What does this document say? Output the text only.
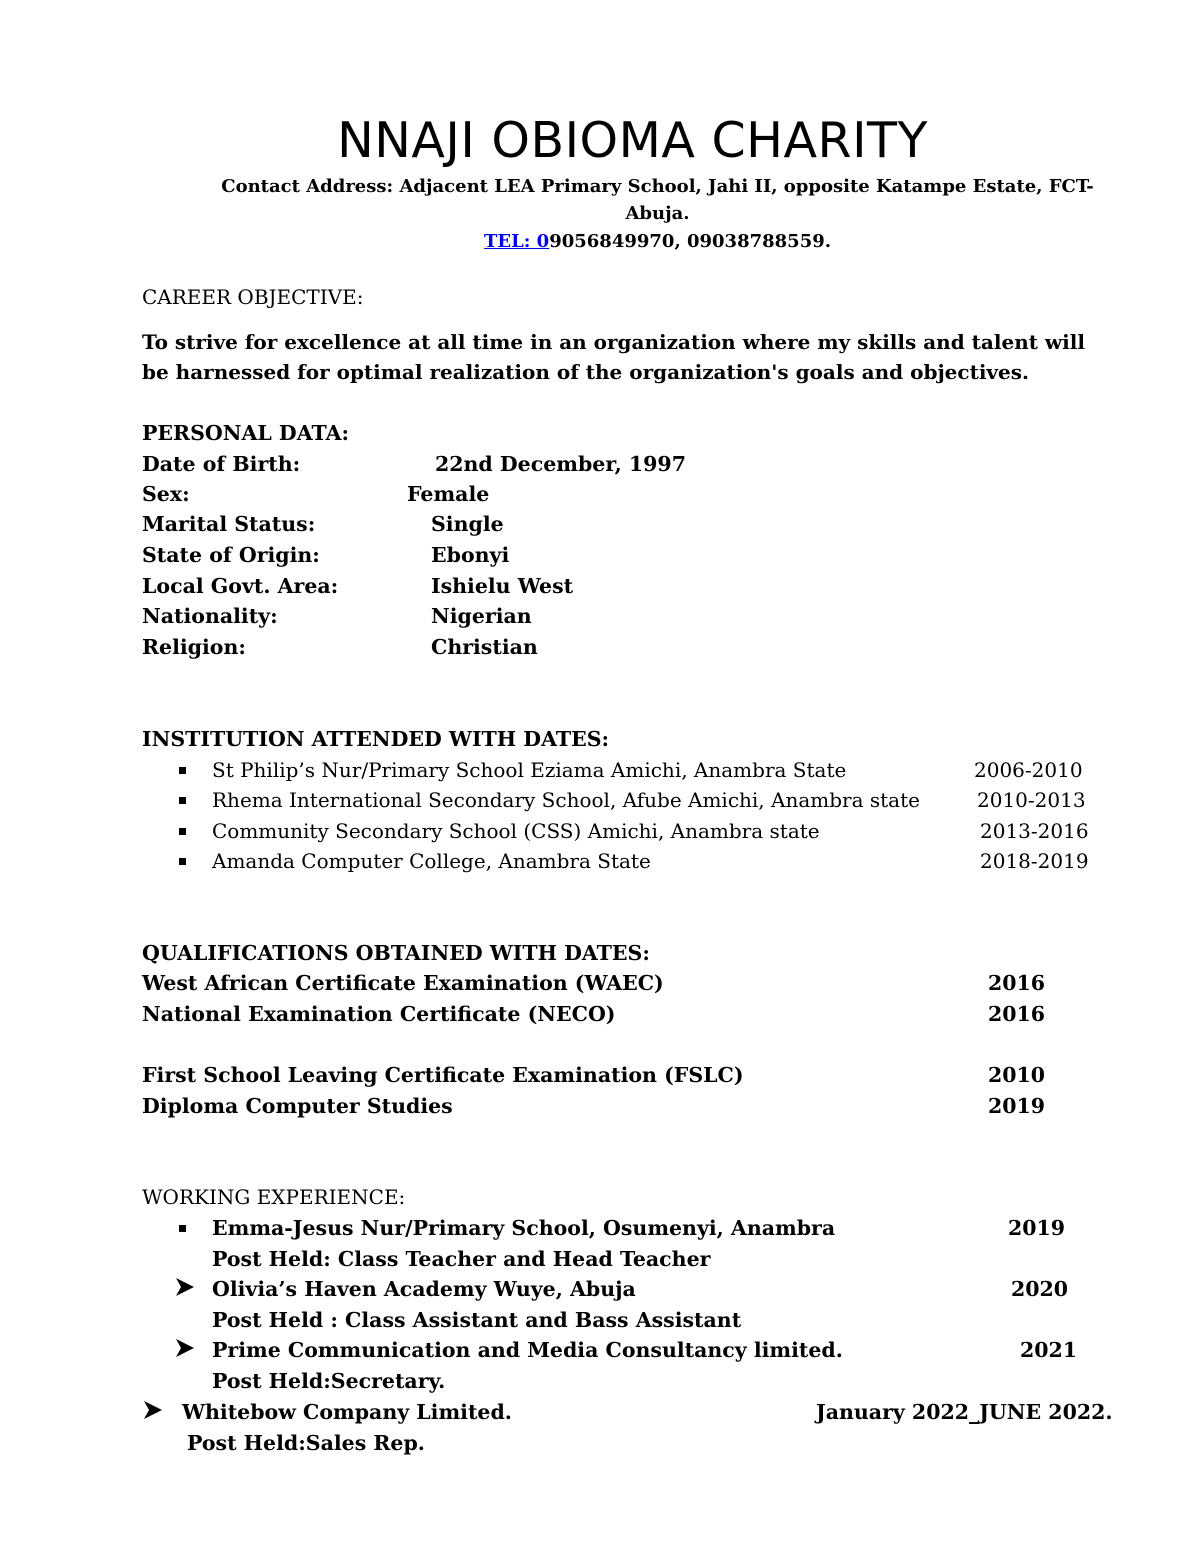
NNAJI OBIOMA CHARITY
Contact Address: Adjacent LEA Primary School, Jahi II, opposite Katampe Estate, FCT-
Abuja.
TEL: 09056849970, 09038788559.
CAREER OBJECTIVE:
To strive for excellence at all time in an organization where my skills and talent will
be harnessed for optimal realization of the organization's goals and objectives.
PERSONAL DATA:
Date of Birth:	22nd December, 1997
Sex:	Female
Marital Status:	Single
State of Origin:	Ebonyi
Local Govt. Area:	Ishielu West
Nationality:	Nigerian
Religion:	Christian
INSTITUTION ATTENDED WITH DATES:
St Philip’s Nur/Primary School Eziama Amichi, Anambra State	2006-2010
Rhema International Secondary School, Afube Amichi, Anambra state	2010-2013
Community Secondary School (CSS) Amichi, Anambra state	2013-2016
Amanda Computer College, Anambra State	2018-2019
QUALIFICATIONS OBTAINED WITH DATES:
West African Certificate Examination (WAEC)	2016
National Examination Certificate (NECO)	2016
First School Leaving Certificate Examination (FSLC)	2010
Diploma Computer Studies	2019
WORKING EXPERIENCE:
Emma-Jesus Nur/Primary School, Osumenyi, Anambra	2019
Post Held: Class Teacher and Head Teacher
Olivia’s Haven Academy Wuye, Abuja	2020
Post Held : Class Assistant and Bass Assistant
Prime Communication and Media Consultancy limited.	2021
Post Held:Secretary.
Whitebow Company Limited.	January 2022_JUNE 2022.
Post Held:Sales Rep.
